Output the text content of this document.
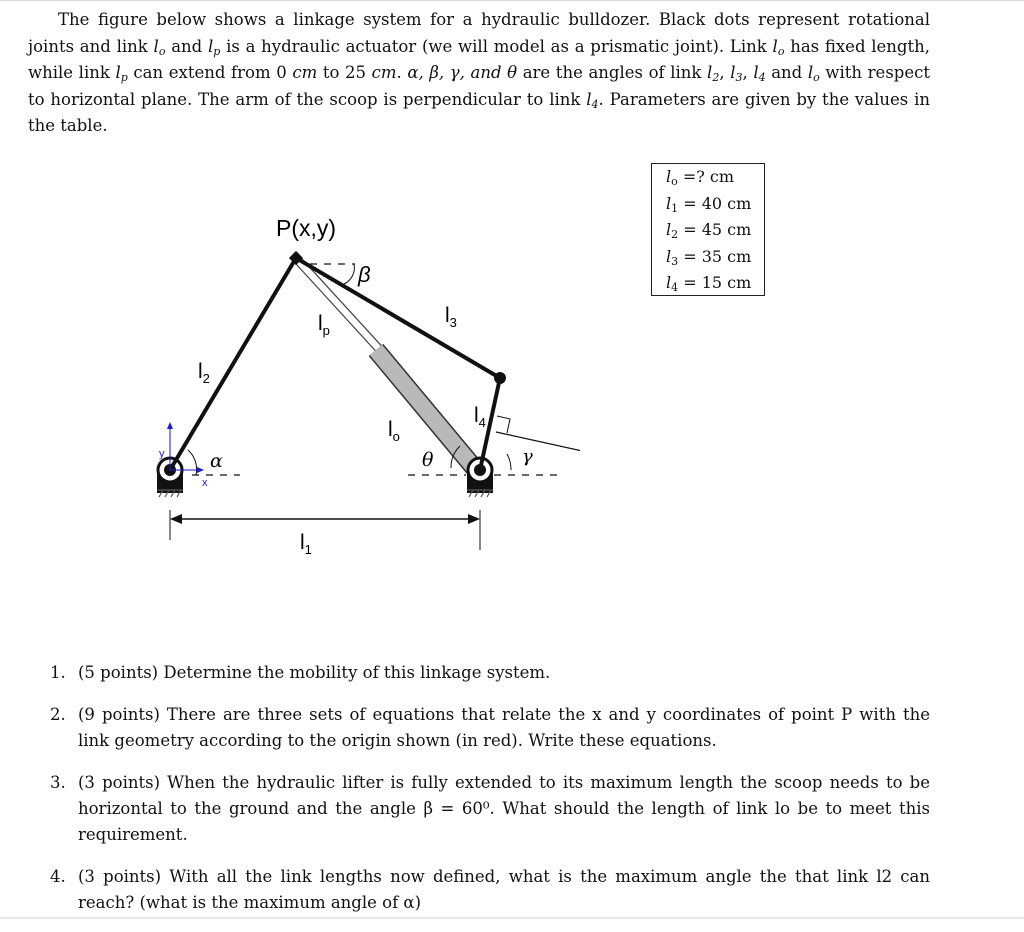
The figure below shows a linkage system for a hydraulic bulldozer. Black dots represent rotational joints and link $l_o$ and $l_p$ is a hydraulic actuator (we will model as a prismatic joint). Link $l_o$ has fixed length, while link $l_p$ can extend from 0 cm to 25 cm. α, β, γ, and θ are the angles of link $l_2$, $l_3$, $l_4$ and $l_o$ with respect to horizontal plane. The arm of the scoop is perpendicular to link $l_4$. Parameters are given by the values in the table.
$l_o$ =? cm
$l_1 = 40$ cm
$l_2 = 45$ cm
$l_3 = 35$ cm
$l_4 = 15$ cm
y
x
P(x,y)
β
α	θ	γ
$l_2$
$l_3$
$l_4$
$l_p$
$l_o$
$l_1$
1. (5 points) Determine the mobility of this linkage system.
2. (9 points) There are three sets of equations that relate the x and y coordinates of point P with the link geometry according to the origin shown (in red). Write these equations.
3. (3 points) When the hydraulic lifter is fully extended to its maximum length the scoop needs to be horizontal to the ground and the angle β = 60⁰. What should the length of link lo be to meet this requirement.
4. (3 points) With all the link lengths now defined, what is the maximum angle the that link l2 can reach? (what is the maximum angle of α)
